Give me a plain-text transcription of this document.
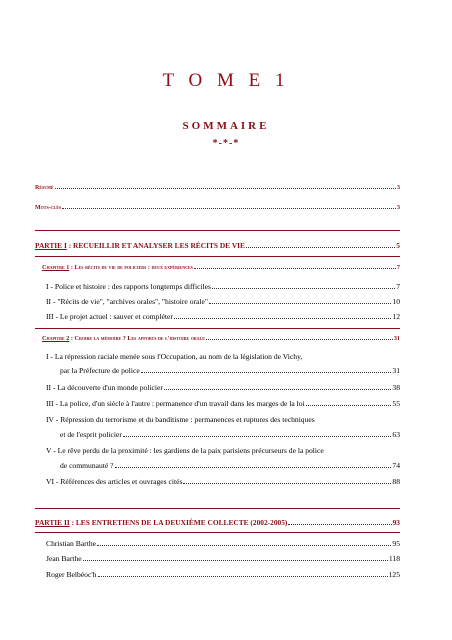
T O M E 1
SOMMAIRE
*-*-*
Résumé	3
Mots-clés	3
PARTIE I : RECUEILLIR ET ANALYSER LES RÉCITS DE VIE	5
Chapitre 1 : Les récits de vie de policiers : deux expériences	7
I - Police et histoire : des rapports longtemps difficiles	7
II - "Récits de vie", "archives orales", "histoire orale"	10
III - Le projet actuel : sauver et compléter	12
Chapitre 2 : Croire la mémoire ? Les apports de l'histoire orale	31
I - La répression raciale menée sous l'Occupation, au nom de la législation de Vichy,
par la Préfecture de police	31
II - La découverte d'un monde policier	38
III - La police, d'un siècle à l'autre : permanence d'un travail dans les marges de la loi	55
IV - Répression du terrorisme et du banditisme : permanences et ruptures des techniques
et de l'esprit policier	63
V - Le rêve perdu de la proximité : les gardiens de la paix parisiens précurseurs de la police
de communauté ?	74
VI - Références des articles et ouvrages cités	88
PARTIE II : LES ENTRETIENS DE LA DEUXIÈME COLLECTE (2002-2005)	93
Christian Barthe	95
Jean Barthe	118
Roger Belbéoc'h	125
